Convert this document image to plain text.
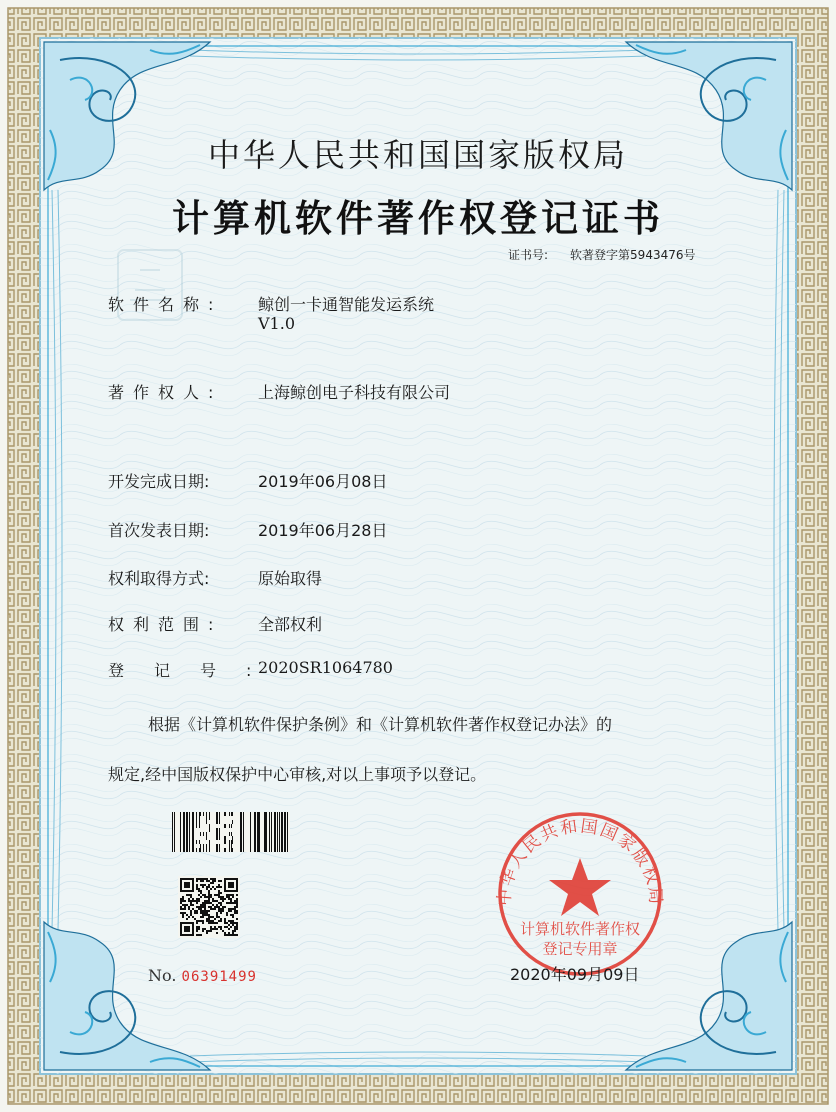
中华人民共和国国家版权局
计算机软件著作权登记证书
证书号: 软著登字第5943476号
软件名称:	鲸创一卡通智能发运系统
V1.0
著作权人:	上海鲸创电子科技有限公司
开发完成日期:	2019年06月08日
首次发表日期:	2019年06月28日
权利取得方式:	原始取得
权利范围:	全部权利
登记号:
2020SR1064780
根据《计算机软件保护条例》和《计算机软件著作权登记办法》的
规定,经中国版权保护中心审核,对以上事项予以登记。
No. 06391499
中华人民共和国国家版权局
计算机软件著作权
登记专用章
2020年09月09日
